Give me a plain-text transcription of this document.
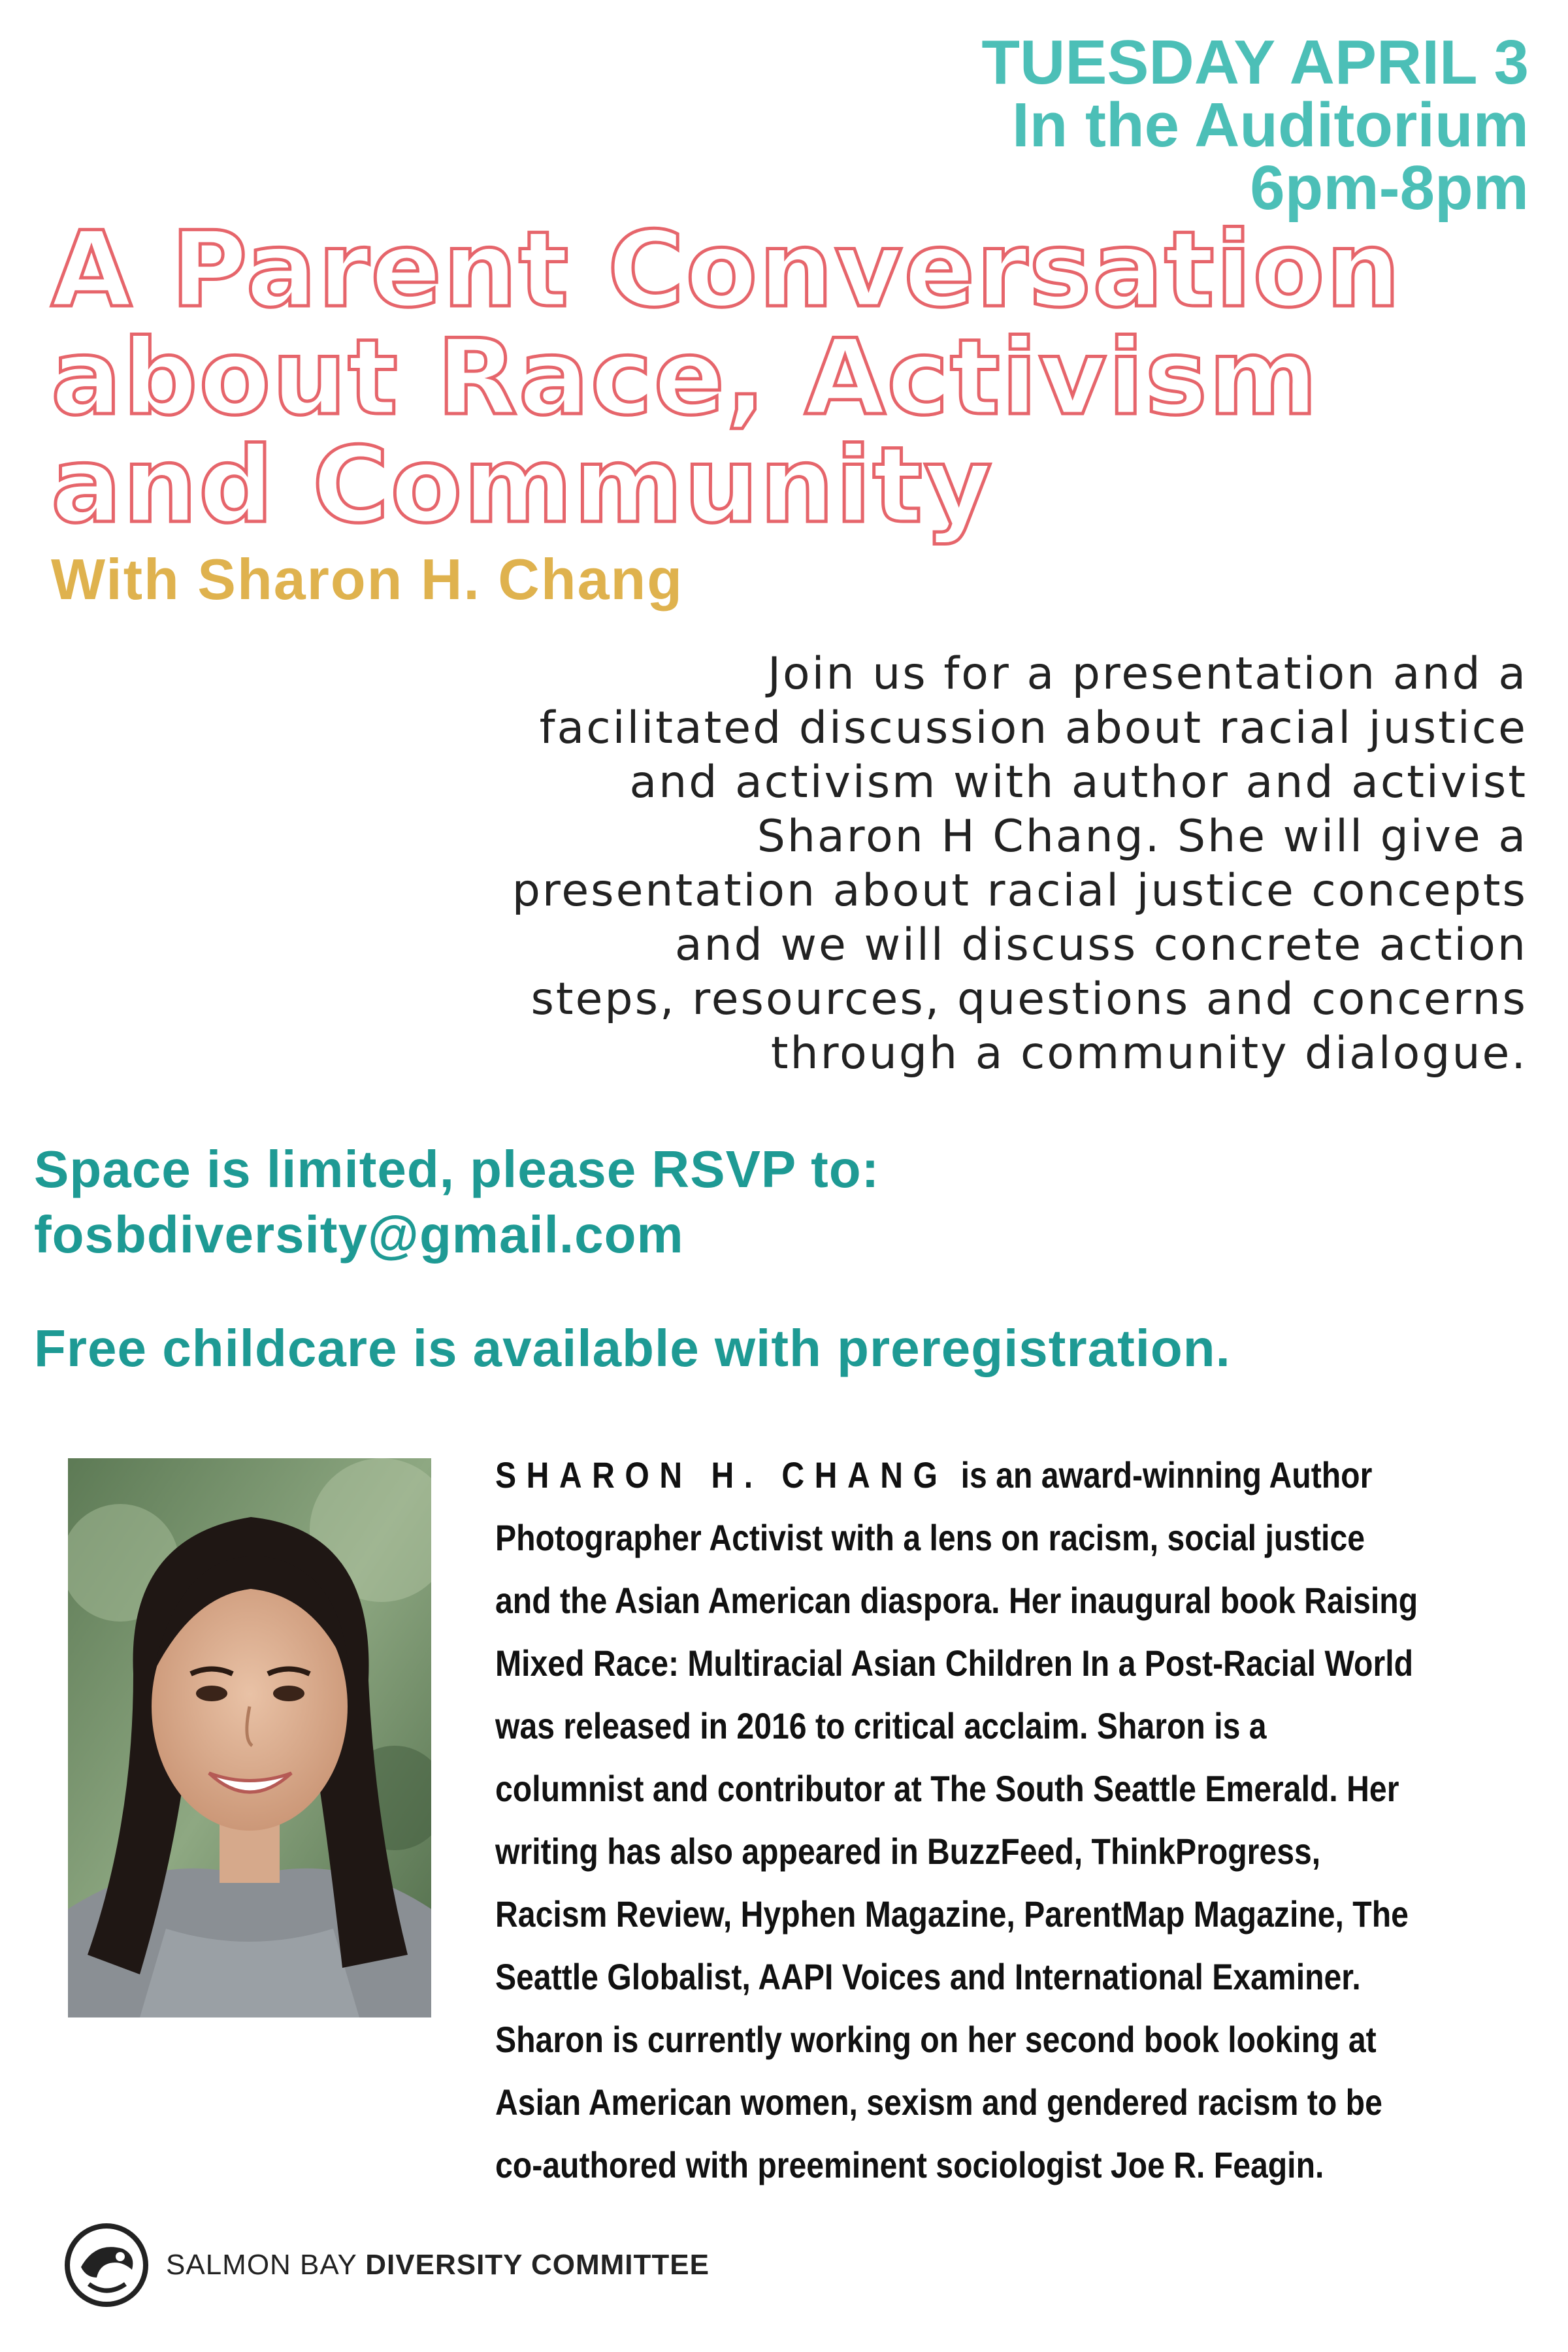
TUESDAY APRIL 3
In the Auditorium
6pm-8pm
A Parent Conversation
about Race, Activism
and Community
With Sharon H. Chang
Join us for a presentation and a
facilitated discussion about racial justice
and activism with author and activist
Sharon H Chang. She will give a
presentation about racial justice concepts
and we will discuss concrete action
steps, resources, questions and concerns
through a community dialogue.
Space is limited, please RSVP to:
fosbdiversity@gmail.com
Free childcare is available with preregistration.
SHARON H. CHANG is an award-winning Author
Photographer Activist with a lens on racism, social justice
and the Asian American diaspora. Her inaugural book Raising
Mixed Race: Multiracial Asian Children In a Post-Racial World
was released in 2016 to critical acclaim. Sharon is a
columnist and contributor at The South Seattle Emerald. Her
writing has also appeared in BuzzFeed, ThinkProgress,
Racism Review, Hyphen Magazine, ParentMap Magazine, The
Seattle Globalist, AAPI Voices and International Examiner.
Sharon is currently working on her second book looking at
Asian American women, sexism and gendered racism to be
co-authored with preeminent sociologist Joe R. Feagin.
SALMON BAY DIVERSITY COMMITTEE
